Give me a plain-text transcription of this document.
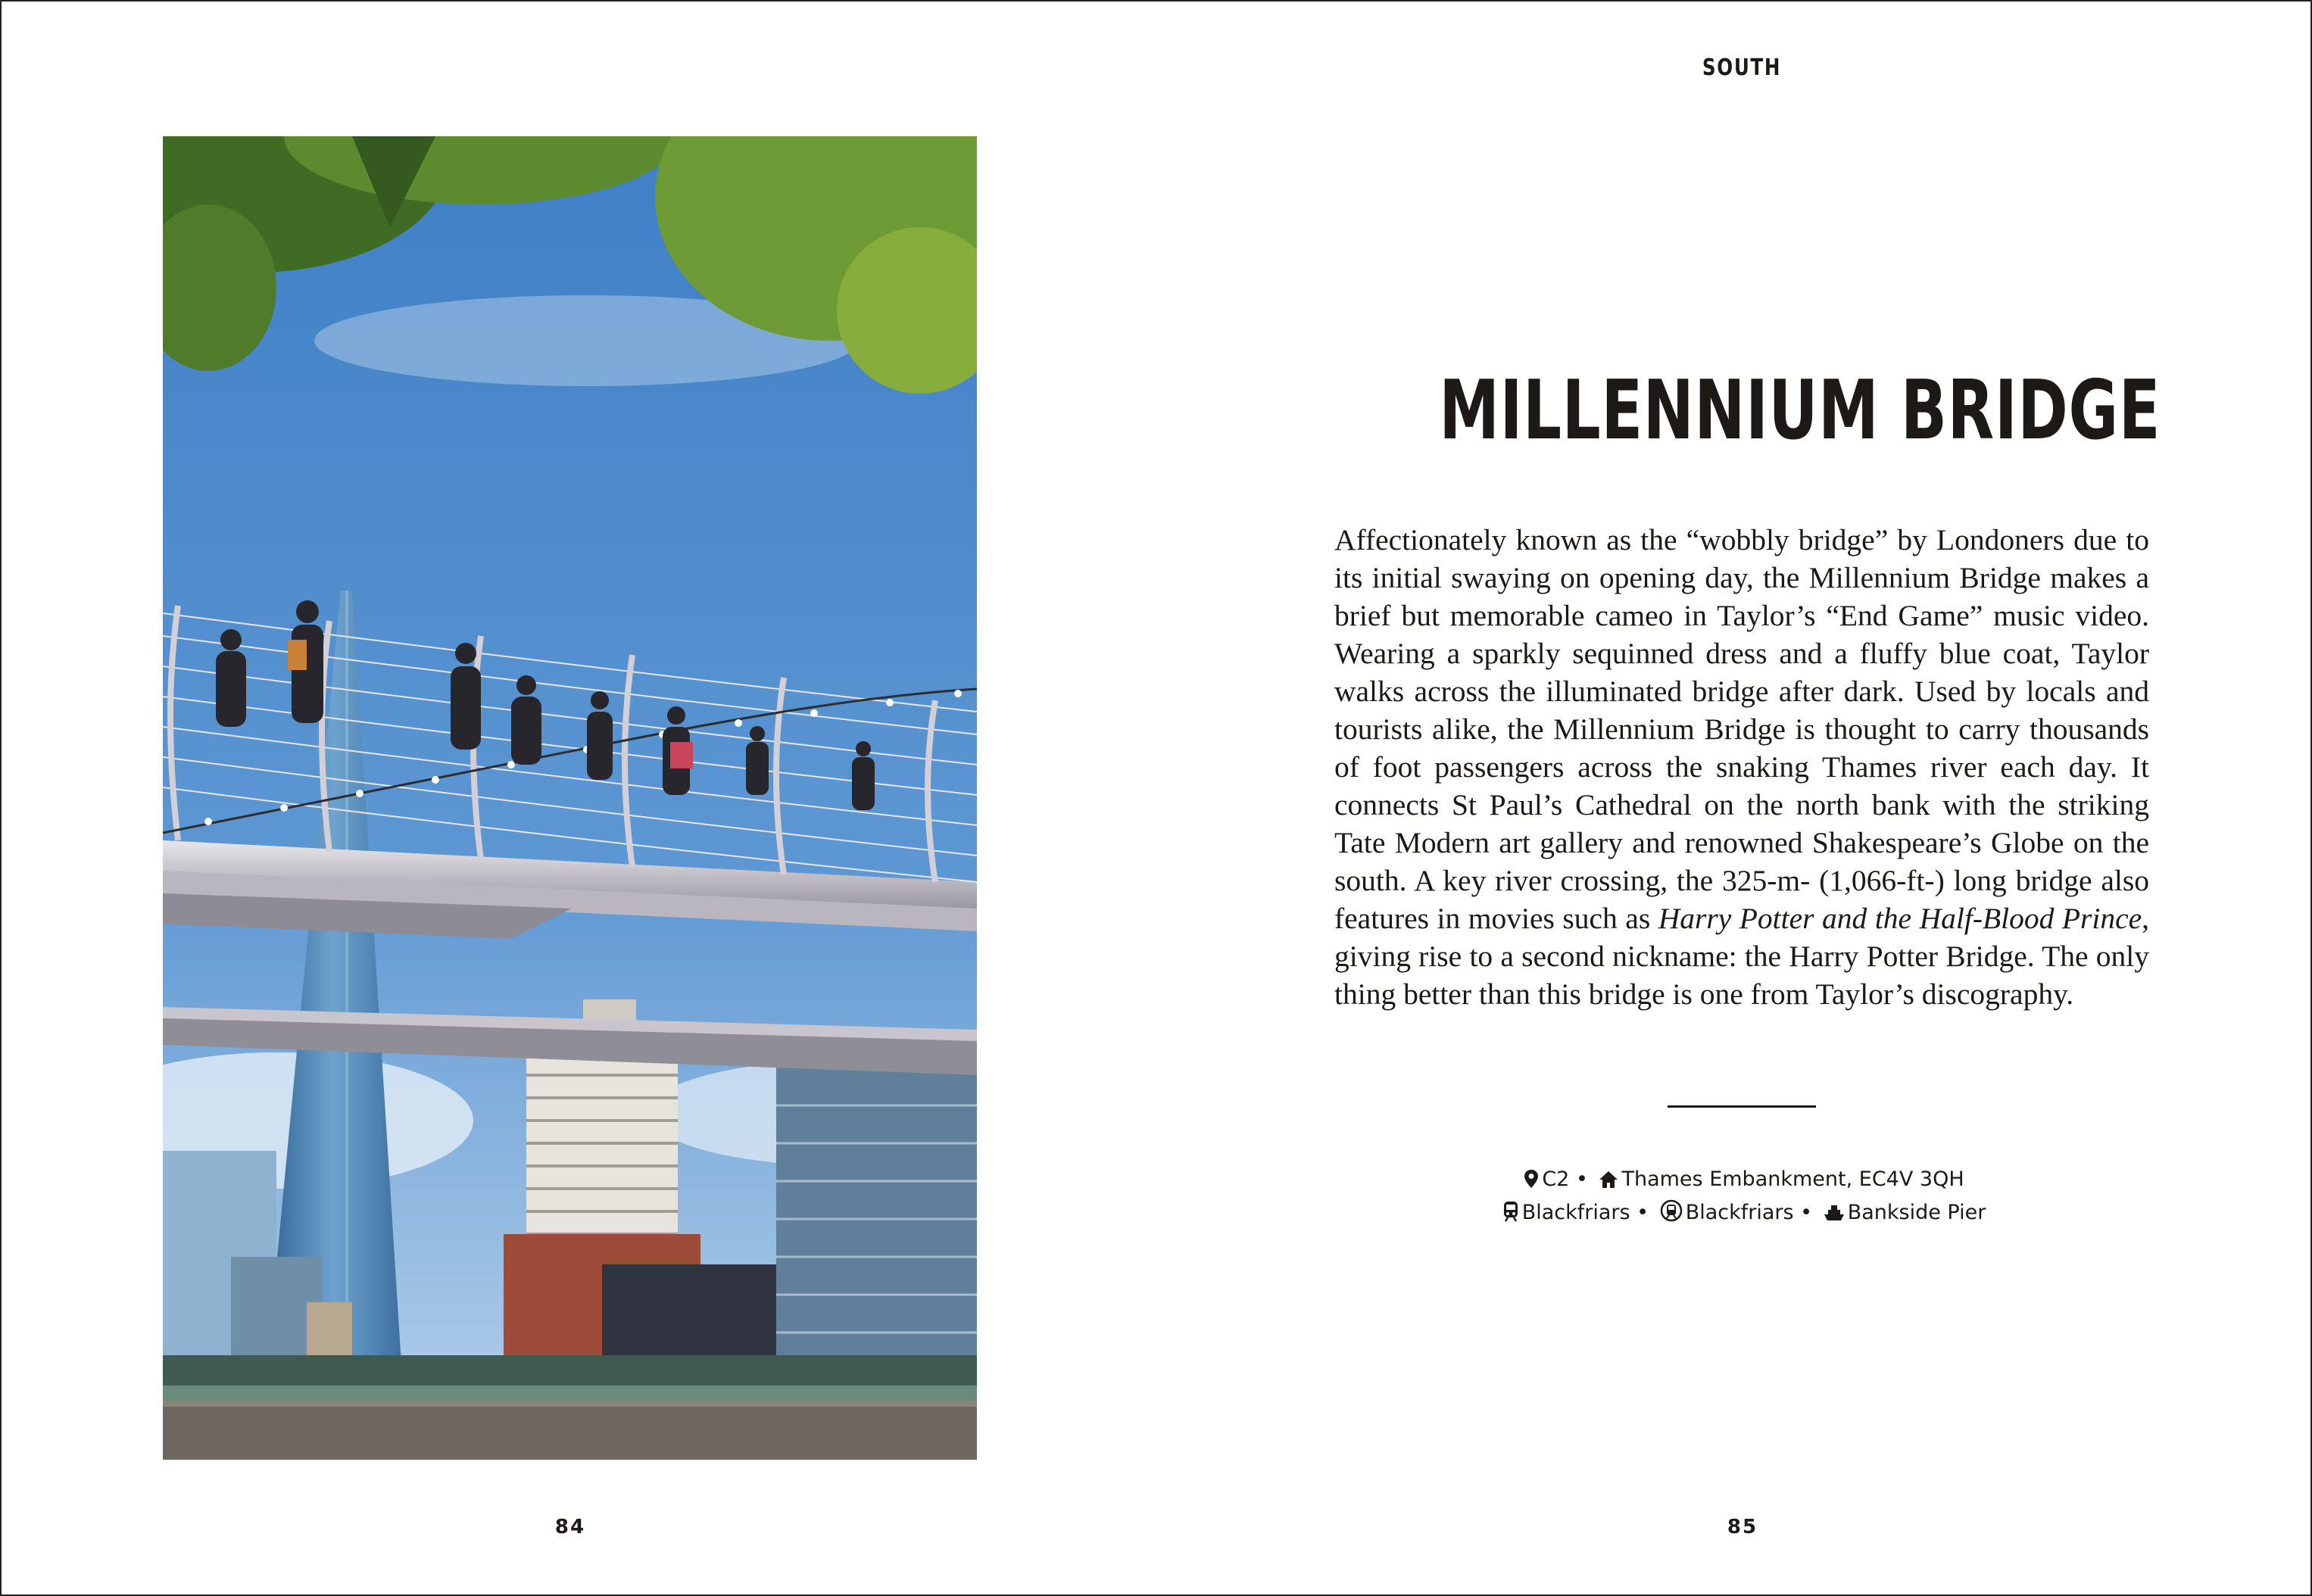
SOUTH
MILLENNIUM BRIDGE
Affectionately known as the “wobbly bridge” by Londoners due to its initial swaying on opening day, the Millennium Bridge makes a brief but memorable cameo in Taylor’s “End Game” music video. Wearing a sparkly sequinned dress and a fluffy blue coat, Taylor walks across the illuminated bridge after dark. Used by locals and tourists alike, the Millennium Bridge is thought to carry thousands of foot passengers across the snaking Thames river each day. It connects St Paul’s Cathedral on the north bank with the striking Tate Modern art gallery and renowned Shakespeare’s Globe on the south. A key river crossing, the 325-m- (1,066-ft-) long bridge also features in movies such as Harry Potter and the Half-Blood Prince, giving rise to a second nickname: the Harry Potter Bridge. The only thing better than this bridge is one from Taylor’s discography.
C2 • Thames Embankment, EC4V 3QH
Blackfriars • Blackfriars • Bankside Pier
84	85
